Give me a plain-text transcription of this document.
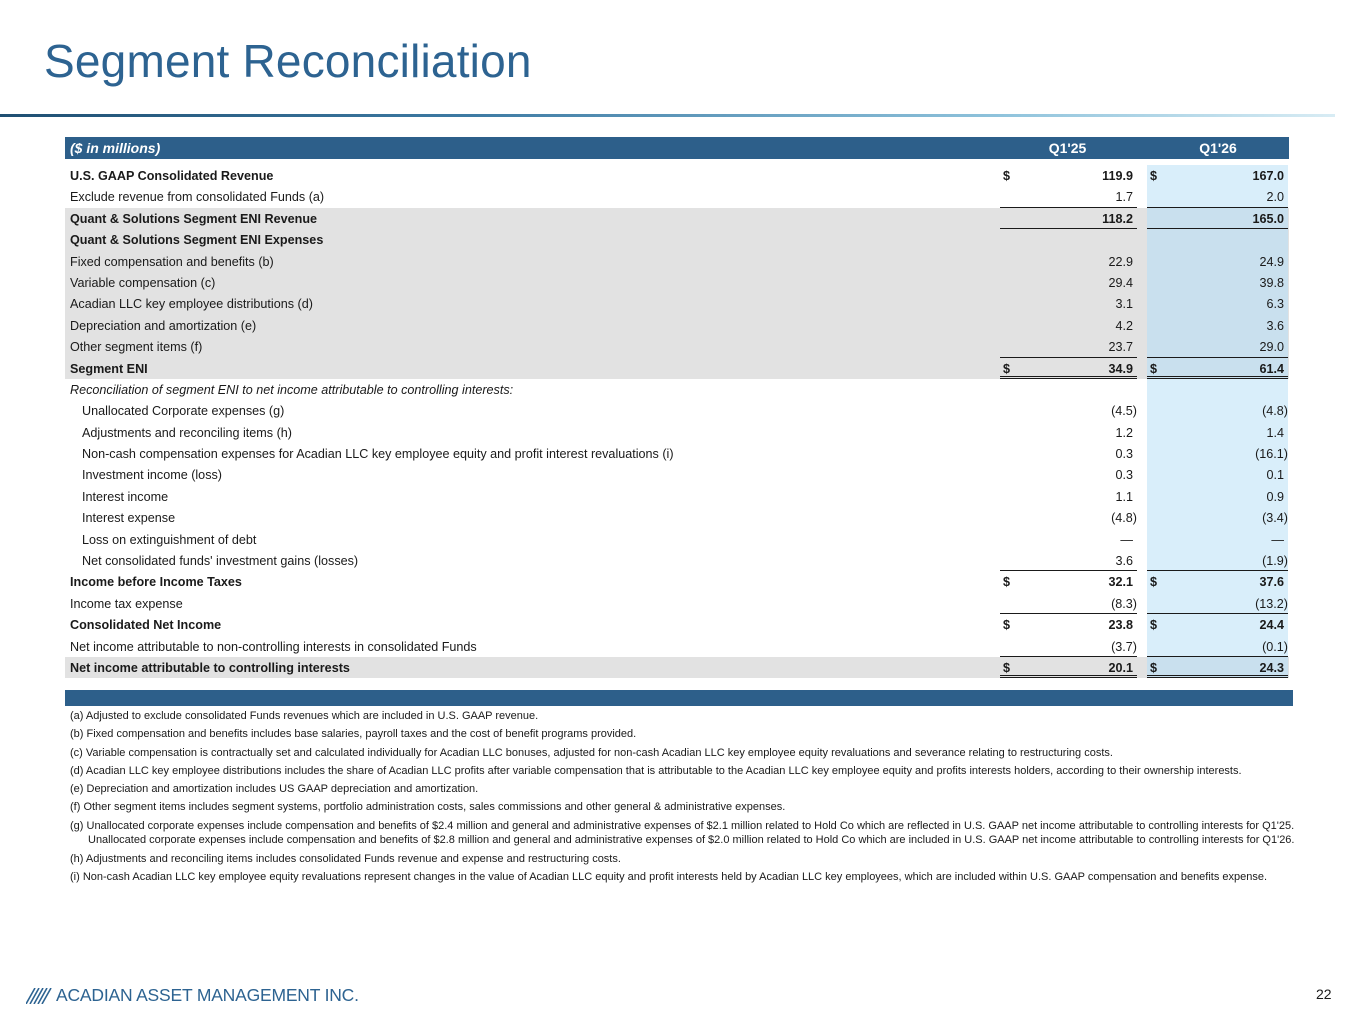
Segment Reconciliation
($ in millions)	Q1'25	Q1'26
U.S. GAAP Consolidated Revenue	$	119.9 $	167.0
Exclude revenue from consolidated Funds (a)	1.7	2.0
Quant & Solutions Segment ENI Revenue	118.2	165.0
Quant & Solutions Segment ENI Expenses
Fixed compensation and benefits (b)	22.9	24.9
Variable compensation (c)	29.4	39.8
Acadian LLC key employee distributions (d)	3.1	6.3
Depreciation and amortization (e)	4.2	3.6
Other segment items (f)	23.7	29.0
Segment ENI	$	34.9 $	61.4
Reconciliation of segment ENI to net income attributable to controlling interests:
Unallocated Corporate expenses (g)	(4.5)	(4.8)
Adjustments and reconciling items (h)	1.2	1.4
Non-cash compensation expenses for Acadian LLC key employee equity and profit interest revaluations (i)	0.3	(16.1)
Investment income (loss)	0.3	0.1
Interest income	1.1	0.9
Interest expense	(4.8)	(3.4)
Loss on extinguishment of debt	—	—
Net consolidated funds' investment gains (losses)	3.6	(1.9)
Income before Income Taxes	$	32.1 $	37.6
Income tax expense	(8.3)	(13.2)
Consolidated Net Income	$	23.8 $	24.4
Net income attributable to non-controlling interests in consolidated Funds	(3.7)	(0.1)
Net income attributable to controlling interests	$	20.1 $	24.3
(a) Adjusted to exclude consolidated Funds revenues which are included in U.S. GAAP revenue.
(b) Fixed compensation and benefits includes base salaries, payroll taxes and the cost of benefit programs provided.
(c) Variable compensation is contractually set and calculated individually for Acadian LLC bonuses, adjusted for non-cash Acadian LLC key employee equity revaluations and severance relating to restructuring costs.
(d) Acadian LLC key employee distributions includes the share of Acadian LLC profits after variable compensation that is attributable to the Acadian LLC key employee equity and profits interests holders, according to their ownership interests.
(e) Depreciation and amortization includes US GAAP depreciation and amortization.
(f) Other segment items includes segment systems, portfolio administration costs, sales commissions and other general & administrative expenses.
(g) Unallocated corporate expenses include compensation and benefits of $2.4 million and general and administrative expenses of $2.1 million related to Hold Co which are reflected in U.S. GAAP net income attributable to controlling interests for Q1'25. Unallocated corporate expenses include compensation and benefits of $2.8 million and general and administrative expenses of $2.0 million related to Hold Co which are included in U.S. GAAP net income attributable to controlling interests for Q1'26.
(h) Adjustments and reconciling items includes consolidated Funds revenue and expense and restructuring costs.
(i) Non-cash Acadian LLC key employee equity revaluations represent changes in the value of Acadian LLC equity and profit interests held by Acadian LLC key employees, which are included within U.S. GAAP compensation and benefits expense.
ACADIAN ASSET MANAGEMENT INC.	22
